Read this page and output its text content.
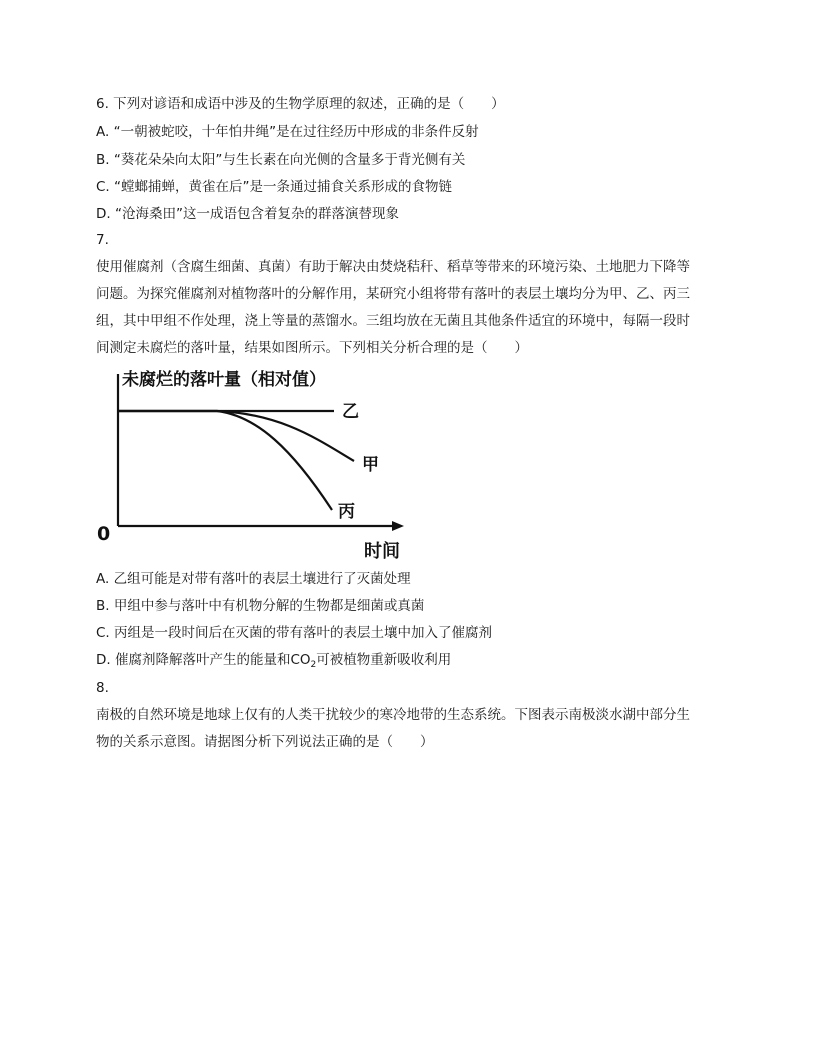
6. 下列对谚语和成语中涉及的生物学原理的叙述，正确的是（　　）
A. “一朝被蛇咬，十年怕井绳”是在过往经历中形成的非条件反射
B. “葵花朵朵向太阳”与生长素在向光侧的含量多于背光侧有关
C. “螳螂捕蝉，黄雀在后”是一条通过捕食关系形成的食物链
D. “沧海桑田”这一成语包含着复杂的群落演替现象
7.
使用催腐剂（含腐生细菌、真菌）有助于解决由焚烧秸秆、稻草等带来的环境污染、土地肥力下降等
问题。为探究催腐剂对植物落叶的分解作用，某研究小组将带有落叶的表层土壤均分为甲、乙、丙三
组，其中甲组不作处理，浇上等量的蒸馏水。三组均放在无菌且其他条件适宜的环境中，每隔一段时
间测定未腐烂的落叶量，结果如图所示。下列相关分析合理的是（　　）
未腐烂的落叶量（相对值）
0
时间
乙
甲
丙
A. 乙组可能是对带有落叶的表层土壤进行了灭菌处理
B. 甲组中参与落叶中有机物分解的生物都是细菌或真菌
C. 丙组是一段时间后在灭菌的带有落叶的表层土壤中加入了催腐剂
D. 催腐剂降解落叶产生的能量和$CO_2$可被植物重新吸收利用
8.
南极的自然环境是地球上仅有的人类干扰较少的寒冷地带的生态系统。下图表示南极淡水湖中部分生
物的关系示意图。请据图分析下列说法正确的是（　　）
